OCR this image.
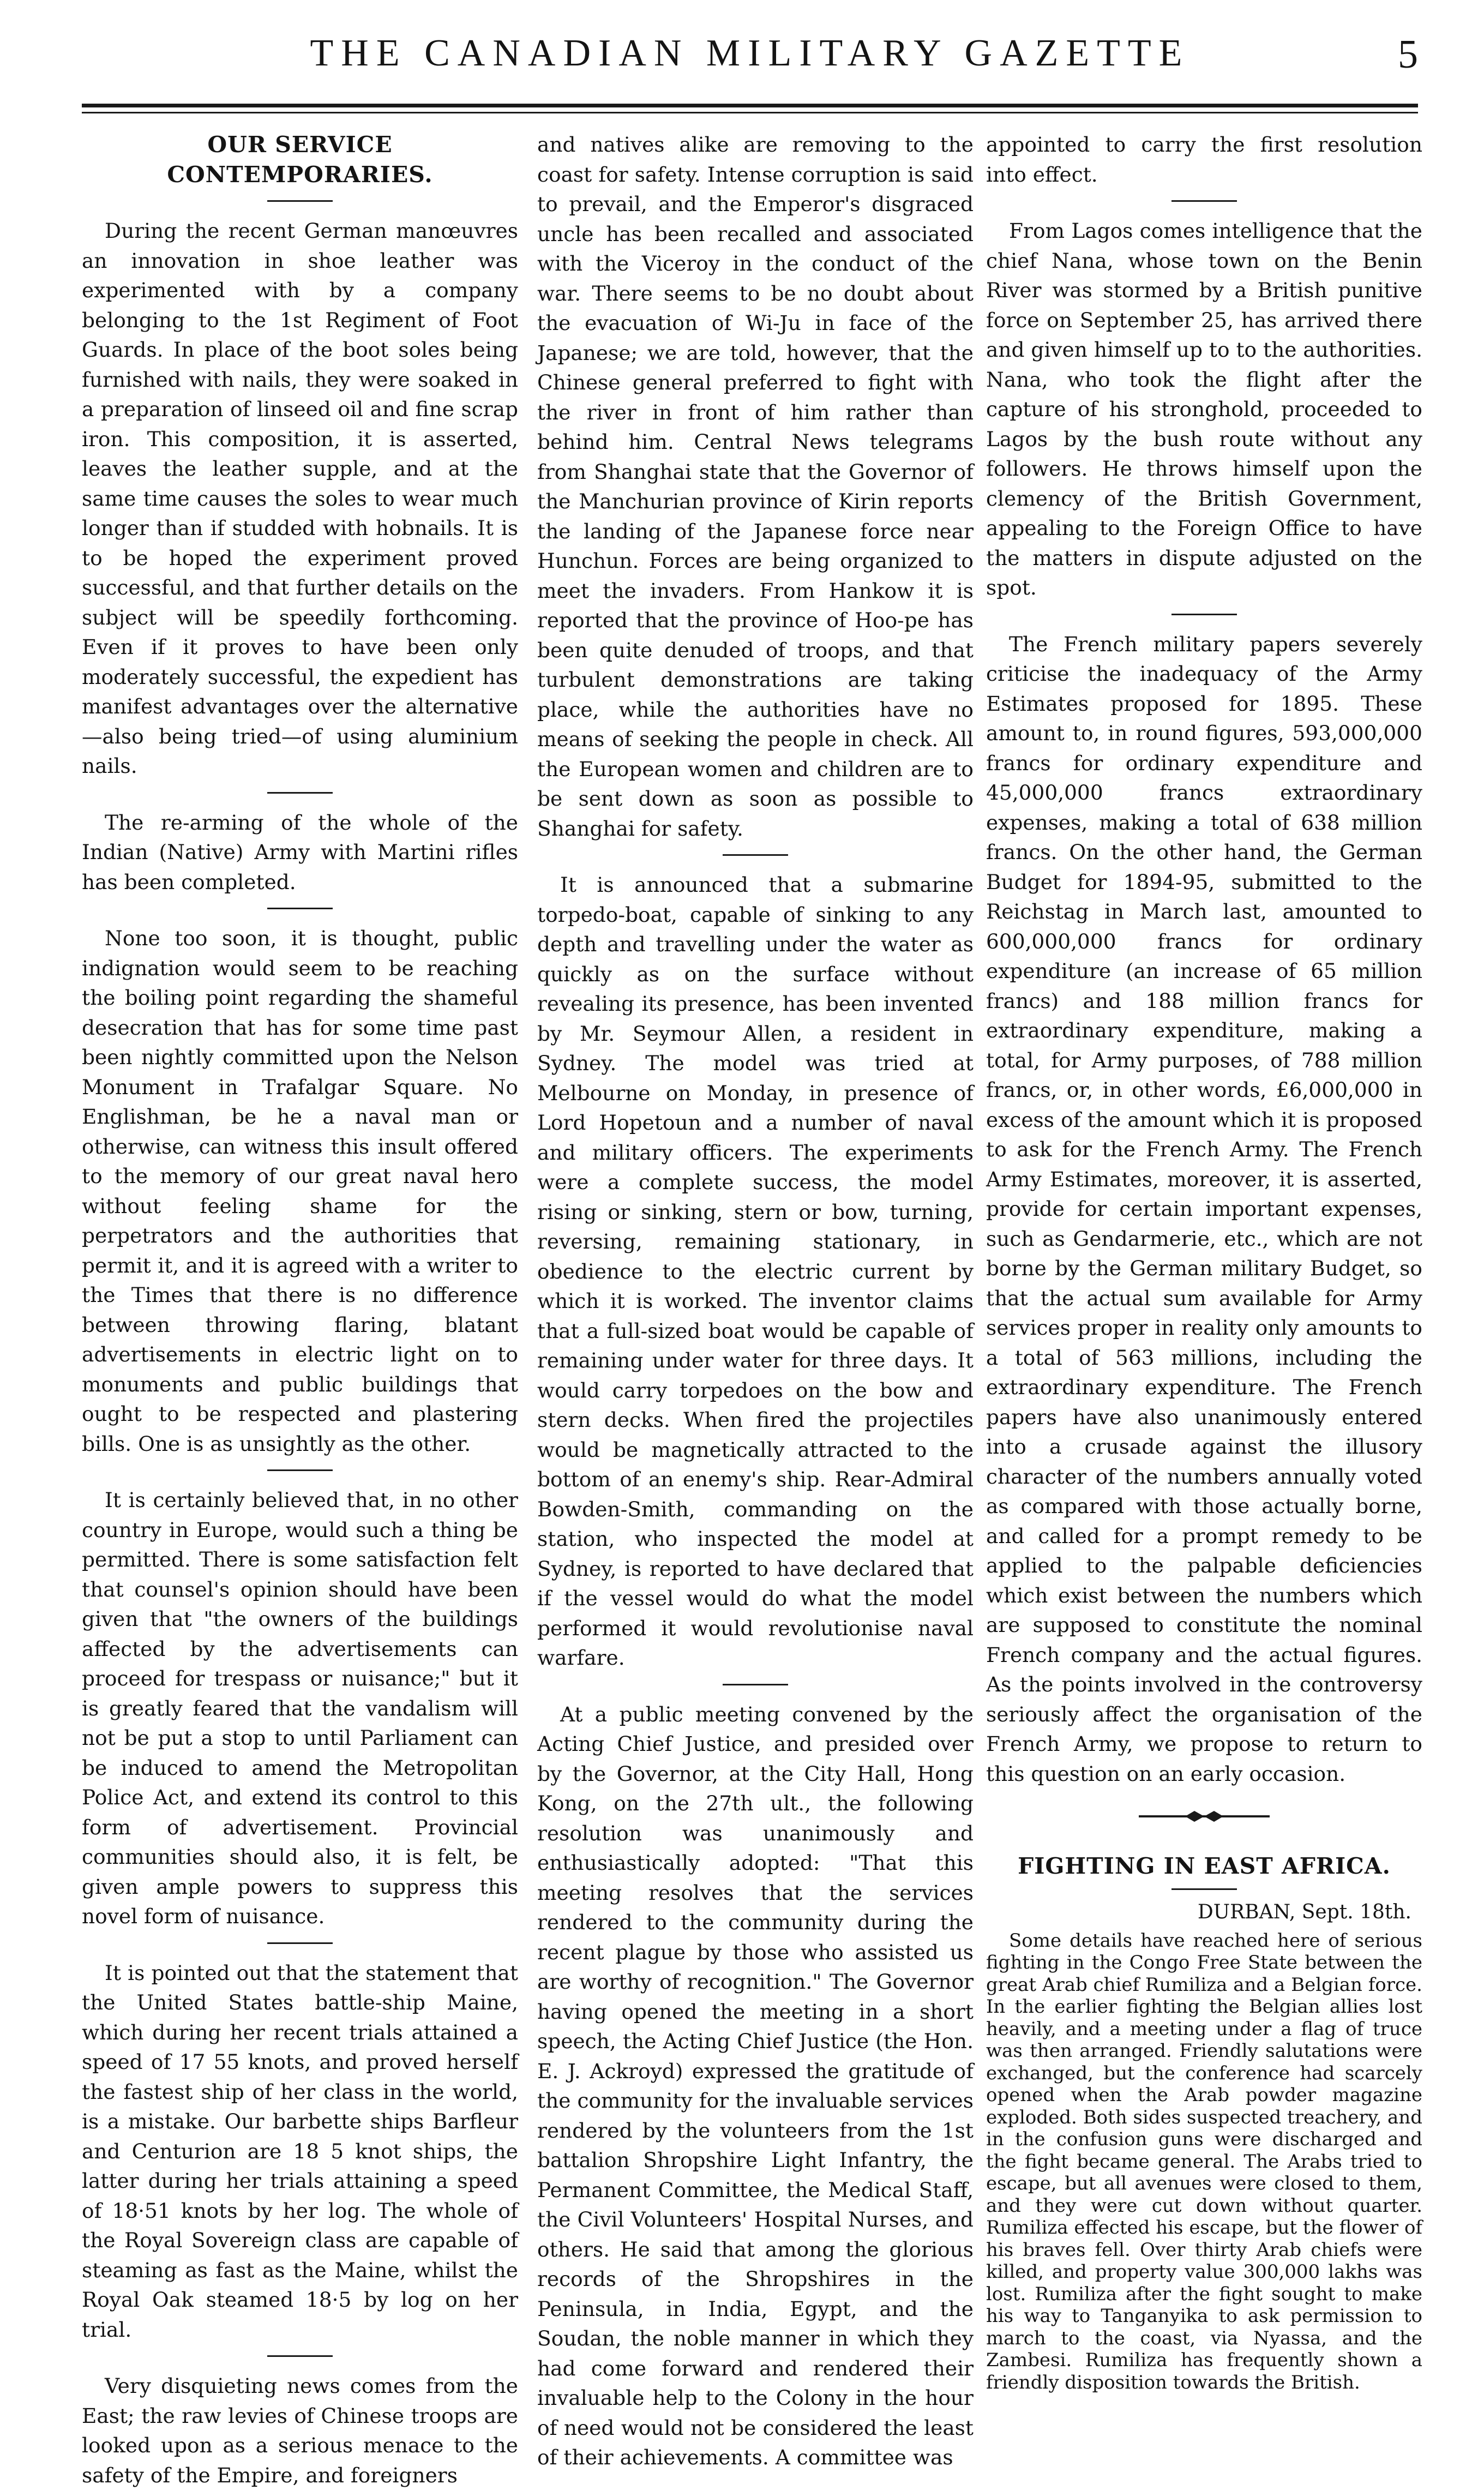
THE CANADIAN MILITARY GAZETTE	5
OUR SERVICE CONTEMPORARIES.

During the recent German manœuvres an innovation in shoe leather was experimented with by a company belonging to the 1st Regiment of Foot Guards. In place of the boot soles being furnished with nails, they were soaked in a preparation of linseed oil and fine scrap iron. This composition, it is asserted, leaves the leather supple, and at the same time causes the soles to wear much longer than if studded with hobnails. It is to be hoped the experiment proved successful, and that further details on the subject will be speedily forthcoming. Even if it proves to have been only moderately successful, the expedient has manifest advantages over the alternative—also being tried—of using aluminium nails.

The re-arming of the whole of the Indian (Native) Army with Martini rifles has been completed.

None too soon, it is thought, public indignation would seem to be reaching the boiling point regarding the shameful desecration that has for some time past been nightly committed upon the Nelson Monument in Trafalgar Square. No Englishman, be he a naval man or otherwise, can witness this insult offered to the memory of our great naval hero without feeling shame for the perpetrators and the authorities that permit it, and it is agreed with a writer to the Times that there is no difference between throwing flaring, blatant advertisements in electric light on to monuments and public buildings that ought to be respected and plastering bills. One is as unsightly as the other.

It is certainly believed that, in no other country in Europe, would such a thing be permitted. There is some satisfaction felt that counsel's opinion should have been given that "the owners of the buildings affected by the advertisements can proceed for trespass or nuisance;" but it is greatly feared that the vandalism will not be put a stop to until Parliament can be induced to amend the Metropolitan Police Act, and extend its control to this form of advertisement. Provincial communities should also, it is felt, be given ample powers to suppress this novel form of nuisance.

It is pointed out that the statement that the United States battle-ship Maine, which during her recent trials attained a speed of 17 55 knots, and proved herself the fastest ship of her class in the world, is a mistake. Our barbette ships Barfleur and Centurion are 18 5 knot ships, the latter during her trials attaining a speed of 18·51 knots by her log. The whole of the Royal Sovereign class are capable of steaming as fast as the Maine, whilst the Royal Oak steamed 18·5 by log on her trial.

Very disquieting news comes from the East; the raw levies of Chinese troops are looked upon as a serious menace to the safety of the Empire, and foreigners

and natives alike are removing to the coast for safety. Intense corruption is said to prevail, and the Emperor's disgraced uncle has been recalled and associated with the Viceroy in the conduct of the war. There seems to be no doubt about the evacuation of Wi-Ju in face of the Japanese; we are told, however, that the Chinese general preferred to fight with the river in front of him rather than behind him. Central News telegrams from Shanghai state that the Governor of the Manchurian province of Kirin reports the landing of the Japanese force near Hunchun. Forces are being organized to meet the invaders. From Hankow it is reported that the province of Hoo-pe has been quite denuded of troops, and that turbulent demonstrations are taking place, while the authorities have no means of seeking the people in check. All the European women and children are to be sent down as soon as possible to Shanghai for safety.

It is announced that a submarine torpedo-boat, capable of sinking to any depth and travelling under the water as quickly as on the surface without revealing its presence, has been invented by Mr. Seymour Allen, a resident in Sydney. The model was tried at Melbourne on Monday, in presence of Lord Hopetoun and a number of naval and military officers. The experiments were a complete success, the model rising or sinking, stern or bow, turning, reversing, remaining stationary, in obedience to the electric current by which it is worked. The inventor claims that a full-sized boat would be capable of remaining under water for three days. It would carry torpedoes on the bow and stern decks. When fired the projectiles would be magnetically attracted to the bottom of an enemy's ship. Rear-Admiral Bowden-Smith, commanding on the station, who inspected the model at Sydney, is reported to have declared that if the vessel would do what the model performed it would revolutionise naval warfare.

At a public meeting convened by the Acting Chief Justice, and presided over by the Governor, at the City Hall, Hong Kong, on the 27th ult., the following resolution was unanimously and enthusiastically adopted: "That this meeting resolves that the services rendered to the community during the recent plague by those who assisted us are worthy of recognition." The Governor having opened the meeting in a short speech, the Acting Chief Justice (the Hon. E. J. Ackroyd) expressed the gratitude of the community for the invaluable services rendered by the volunteers from the 1st battalion Shropshire Light Infantry, the Permanent Committee, the Medical Staff, the Civil Volunteers' Hospital Nurses, and others. He said that among the glorious records of the Shropshires in the Peninsula, in India, Egypt, and the Soudan, the noble manner in which they had come forward and rendered their invaluable help to the Colony in the hour of need would not be considered the least of their achievements. A committee was

appointed to carry the first resolution into effect.

From Lagos comes intelligence that the chief Nana, whose town on the Benin River was stormed by a British punitive force on September 25, has arrived there and given himself up to to the authorities. Nana, who took the flight after the capture of his stronghold, proceeded to Lagos by the bush route without any followers. He throws himself upon the clemency of the British Government, appealing to the Foreign Office to have the matters in dispute adjusted on the spot.

The French military papers severely criticise the inadequacy of the Army Estimates proposed for 1895. These amount to, in round figures, 593,000,000 francs for ordinary expenditure and 45,000,000 francs extraordinary expenses, making a total of 638 million francs. On the other hand, the German Budget for 1894-95, submitted to the Reichstag in March last, amounted to 600,000,000 francs for ordinary expenditure (an increase of 65 million francs) and 188 million francs for extraordinary expenditure, making a total, for Army purposes, of 788 million francs, or, in other words, £6,000,000 in excess of the amount which it is proposed to ask for the French Army. The French Army Estimates, moreover, it is asserted, provide for certain important expenses, such as Gendarmerie, etc., which are not borne by the German military Budget, so that the actual sum available for Army services proper in reality only amounts to a total of 563 millions, including the extraordinary expenditure. The French papers have also unanimously entered into a crusade against the illusory character of the numbers annually voted as compared with those actually borne, and called for a prompt remedy to be applied to the palpable deficiencies which exist between the numbers which are supposed to constitute the nominal French company and the actual figures. As the points involved in the controversy seriously affect the organisation of the French Army, we propose to return to this question on an early occasion.

FIGHTING IN EAST AFRICA.
DURBAN, Sept. 18th.

Some details have reached here of serious fighting in the Congo Free State between the great Arab chief Rumiliza and a Belgian force. In the earlier fighting the Belgian allies lost heavily, and a meeting under a flag of truce was then arranged. Friendly salutations were exchanged, but the conference had scarcely opened when the Arab powder magazine exploded. Both sides suspected treachery, and in the confusion guns were discharged and the fight became general. The Arabs tried to escape, but all avenues were closed to them, and they were cut down without quarter. Rumiliza effected his escape, but the flower of his braves fell. Over thirty Arab chiefs were killed, and property value 300,000 lakhs was lost. Rumiliza after the fight sought to make his way to Tanganyika to ask permission to march to the coast, via Nyassa, and the Zambesi. Rumiliza has frequently shown a friendly disposition towards the British.
